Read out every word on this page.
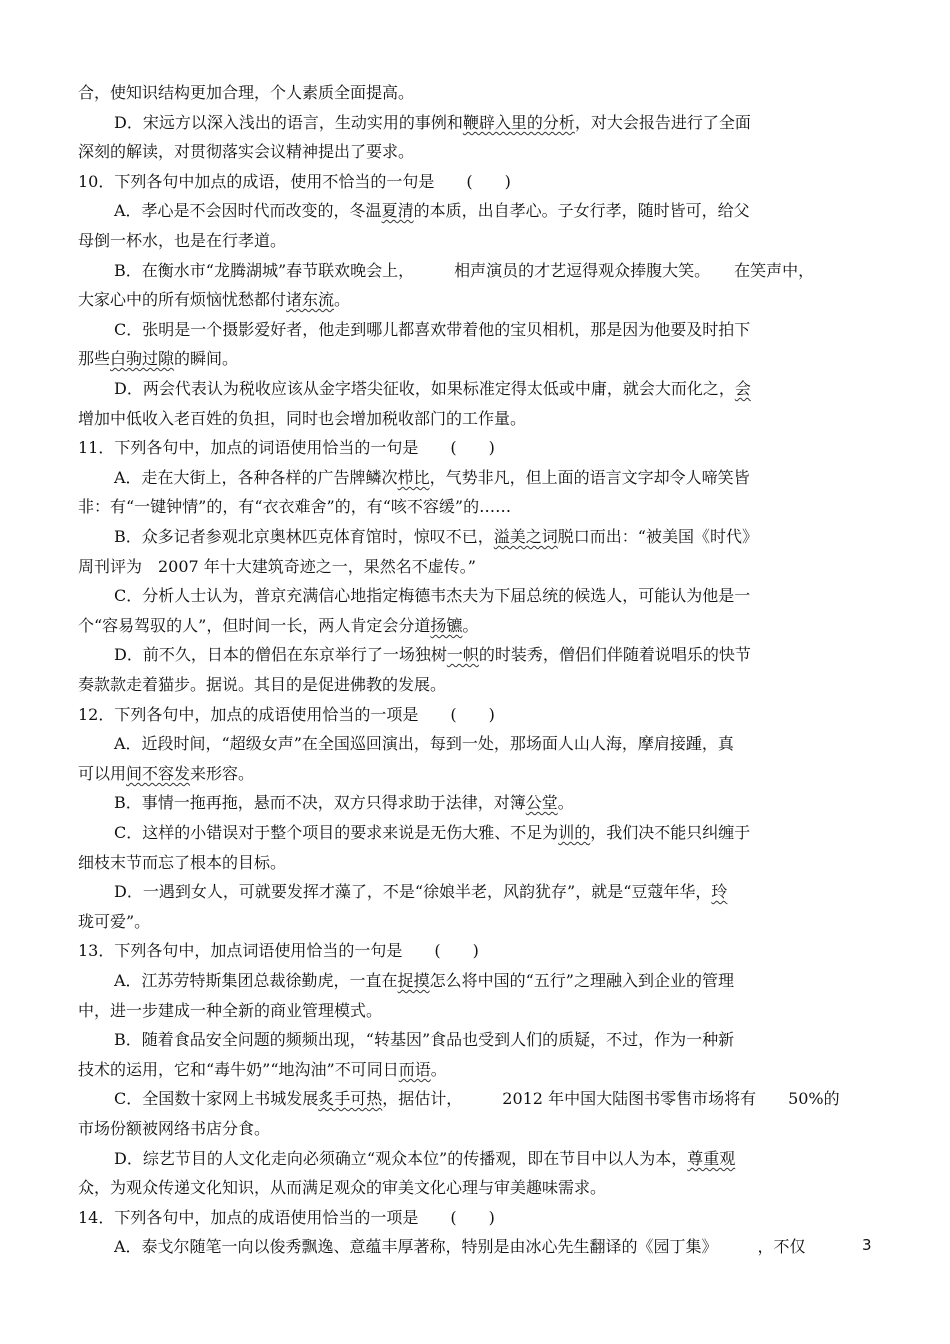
合，使知识结构更加合理，个人素质全面提高。
D．宋远方以深入浅出的语言，生动实用的事例和鞭辟入里的分析，对大会报告进行了全面
深刻的解读，对贯彻落实会议精神提出了要求。
10．下列各句中加点的成语，使用不恰当的一句是　　(　　)
A．孝心是不会因时代而改变的，冬温夏清的本质，出自孝心。子女行孝，随时皆可，给父
母倒一杯水，也是在行孝道。
B．在衡水市“龙腾湖城”春节联欢晚会上，　　　相声演员的才艺逗得观众捧腹大笑。　　在笑声中，
大家心中的所有烦恼忧愁都付诸东流。
C．张明是一个摄影爱好者，他走到哪儿都喜欢带着他的宝贝相机，那是因为他要及时拍下
那些白驹过隙的瞬间。
D．两会代表认为税收应该从金字塔尖征收，如果标准定得太低或中庸，就会大而化之，会
增加中低收入老百姓的负担，同时也会增加税收部门的工作量。
11．下列各句中，加点的词语使用恰当的一句是　　(　　)
A．走在大街上，各种各样的广告牌鳞次栉比，气势非凡，但上面的语言文字却令人啼笑皆
非：有“一键钟情”的，有“衣衣难舍”的，有“咳不容缓”的……
B．众多记者参观北京奥林匹克体育馆时，惊叹不已，溢美之词脱口而出：“被美国《时代》
周刊评为　2007 年十大建筑奇迹之一，果然名不虚传。”
C．分析人士认为，普京充满信心地指定梅德韦杰夫为下届总统的候选人，可能认为他是一
个“容易驾驭的人”，但时间一长，两人肯定会分道扬镳。
D．前不久，日本的僧侣在东京举行了一场独树一帜的时装秀，僧侣们伴随着说唱乐的快节
奏款款走着猫步。据说。其目的是促进佛教的发展。
12．下列各句中，加点的成语使用恰当的一项是　　(　　)
A．近段时间，“超级女声”在全国巡回演出，每到一处，那场面人山人海，摩肩接踵，真
可以用间不容发来形容。
B．事情一拖再拖，悬而不决，双方只得求助于法律，对簿公堂。
C．这样的小错误对于整个项目的要求来说是无伤大雅、不足为训的，我们决不能只纠缠于
细枝末节而忘了根本的目标。
D．一遇到女人，可就要发挥才藻了，不是“徐娘半老，风韵犹存”，就是“豆蔻年华，玲
珑可爱”。
13．下列各句中，加点词语使用恰当的一句是　　(　　)
A．江苏劳特斯集团总裁徐勤虎，一直在捉摸怎么将中国的“五行”之理融入到企业的管理
中，进一步建成一种全新的商业管理模式。
B．随着食品安全问题的频频出现，“转基因”食品也受到人们的质疑，不过，作为一种新
技术的运用，它和“毒牛奶”“地沟油”不可同日而语。
C．全国数十家网上书城发展炙手可热，据估计，　　　2012 年中国大陆图书零售市场将有　　50%的
市场份额被网络书店分食。
D．综艺节目的人文化走向必须确立“观众本位”的传播观，即在节目中以人为本，尊重观
众，为观众传递文化知识，从而满足观众的审美文化心理与审美趣味需求。
14．下列各句中，加点的成语使用恰当的一项是　　(　　)
A．泰戈尔随笔一向以俊秀飘逸、意蕴丰厚著称，特别是由冰心先生翻译的《园丁集》　　　，不仅	3
